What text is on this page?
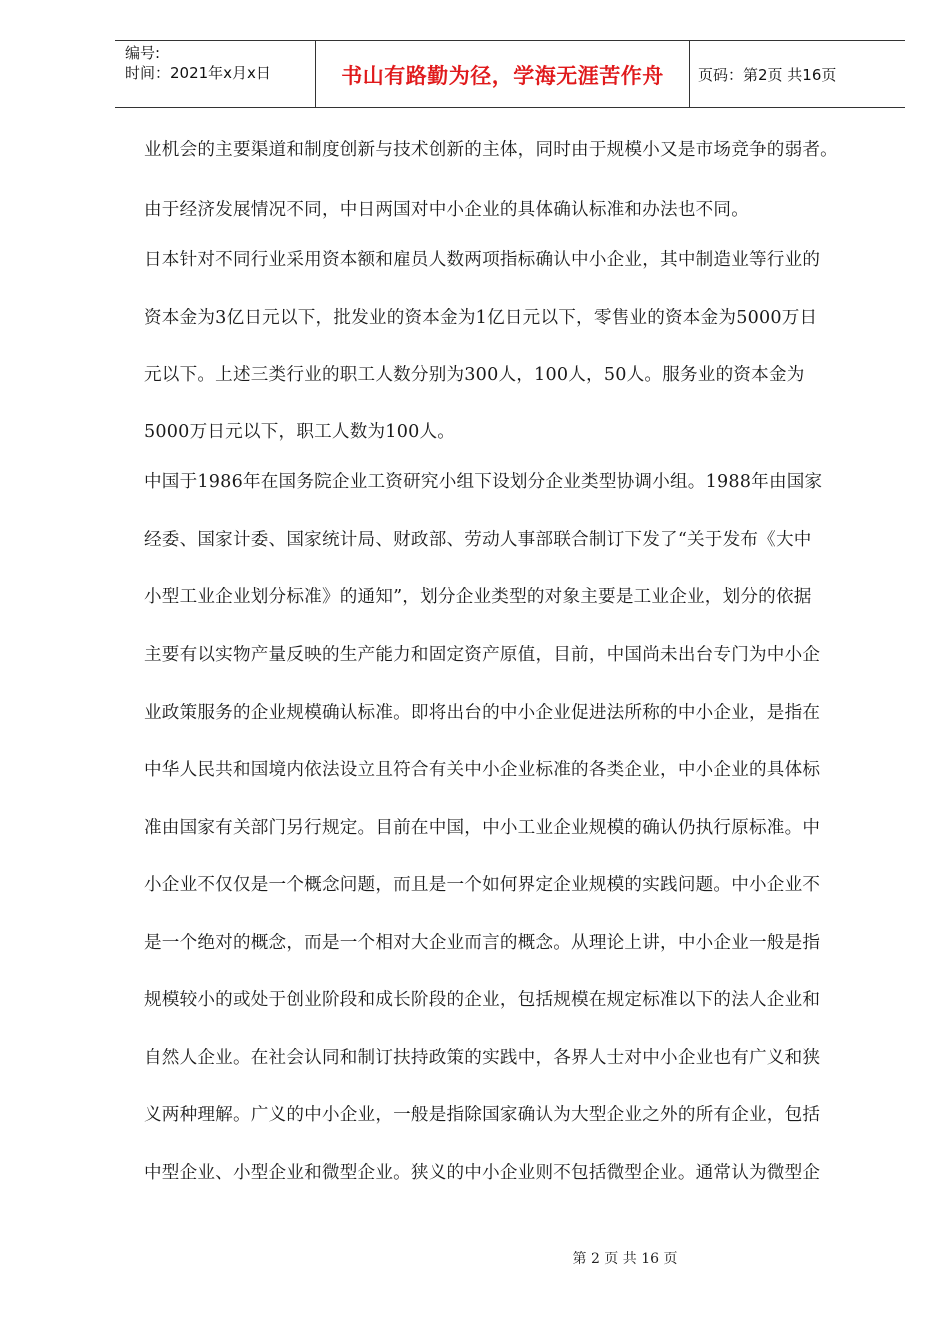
编号:
时间：2021年x月x日	书山有路勤为径，学海无涯苦作舟 页码：第2页 共16页
业机会的主要渠道和制度创新与技术创新的主体，同时由于规模小又是市场竞争的弱者。
由于经济发展情况不同，中日两国对中小企业的具体确认标准和办法也不同。
日本针对不同行业采用资本额和雇员人数两项指标确认中小企业，其中制造业等行业的
资本金为3亿日元以下，批发业的资本金为1亿日元以下，零售业的资本金为5000万日
元以下。上述三类行业的职工人数分别为300人，100人，50人。服务业的资本金为
5000万日元以下，职工人数为100人。
中国于1986年在国务院企业工资研究小组下设划分企业类型协调小组。1988年由国家
经委、国家计委、国家统计局、财政部、劳动人事部联合制订下发了“关于发布《大中
小型工业企业划分标准》的通知”，划分企业类型的对象主要是工业企业，划分的依据
主要有以实物产量反映的生产能力和固定资产原值，目前，中国尚未出台专门为中小企
业政策服务的企业规模确认标准。即将出台的中小企业促进法所称的中小企业，是指在
中华人民共和国境内依法设立且符合有关中小企业标准的各类企业，中小企业的具体标
准由国家有关部门另行规定。目前在中国，中小工业企业规模的确认仍执行原标准。中
小企业不仅仅是一个概念问题，而且是一个如何界定企业规模的实践问题。中小企业不
是一个绝对的概念，而是一个相对大企业而言的概念。从理论上讲，中小企业一般是指
规模较小的或处于创业阶段和成长阶段的企业，包括规模在规定标准以下的法人企业和
自然人企业。在社会认同和制订扶持政策的实践中，各界人士对中小企业也有广义和狭
义两种理解。广义的中小企业，一般是指除国家确认为大型企业之外的所有企业，包括
中型企业、小型企业和微型企业。狭义的中小企业则不包括微型企业。通常认为微型企
第 2 页 共 16 页
